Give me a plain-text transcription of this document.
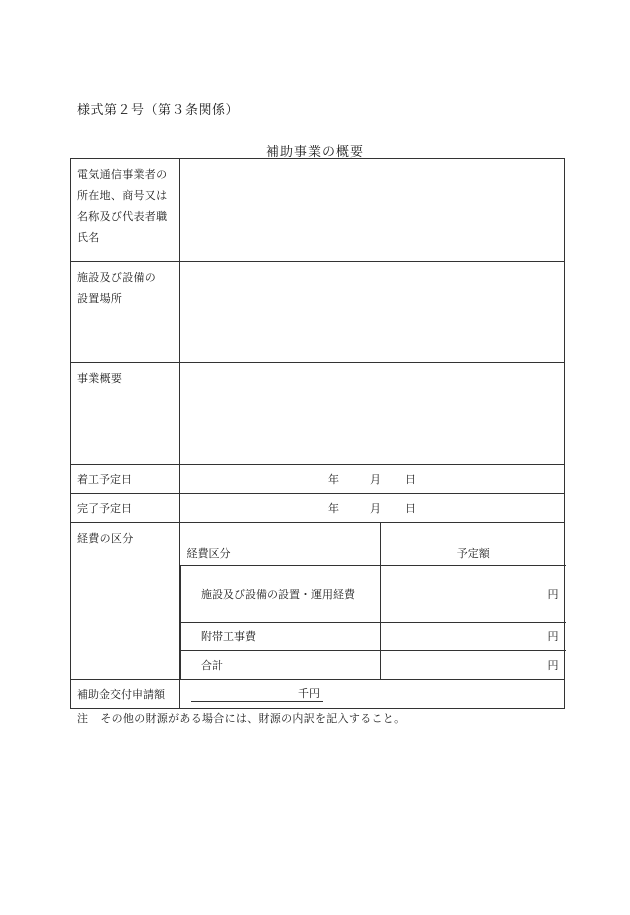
様式第２号（第３条関係）
補助事業の概要
電気通信事業者の
所在地、商号又は
名称及び代表者職
氏名

施設及び設備の
設置場所

事業概要

着工予定日	年	月 日

完了予定日	年	月 日

経費の区分

経費区分	予定額
施設及び設備の設置・運用経費	円
附帯工事費	円
合計	円

補助金交付申請額	千円
注 その他の財源がある場合には、財源の内訳を記入すること。
